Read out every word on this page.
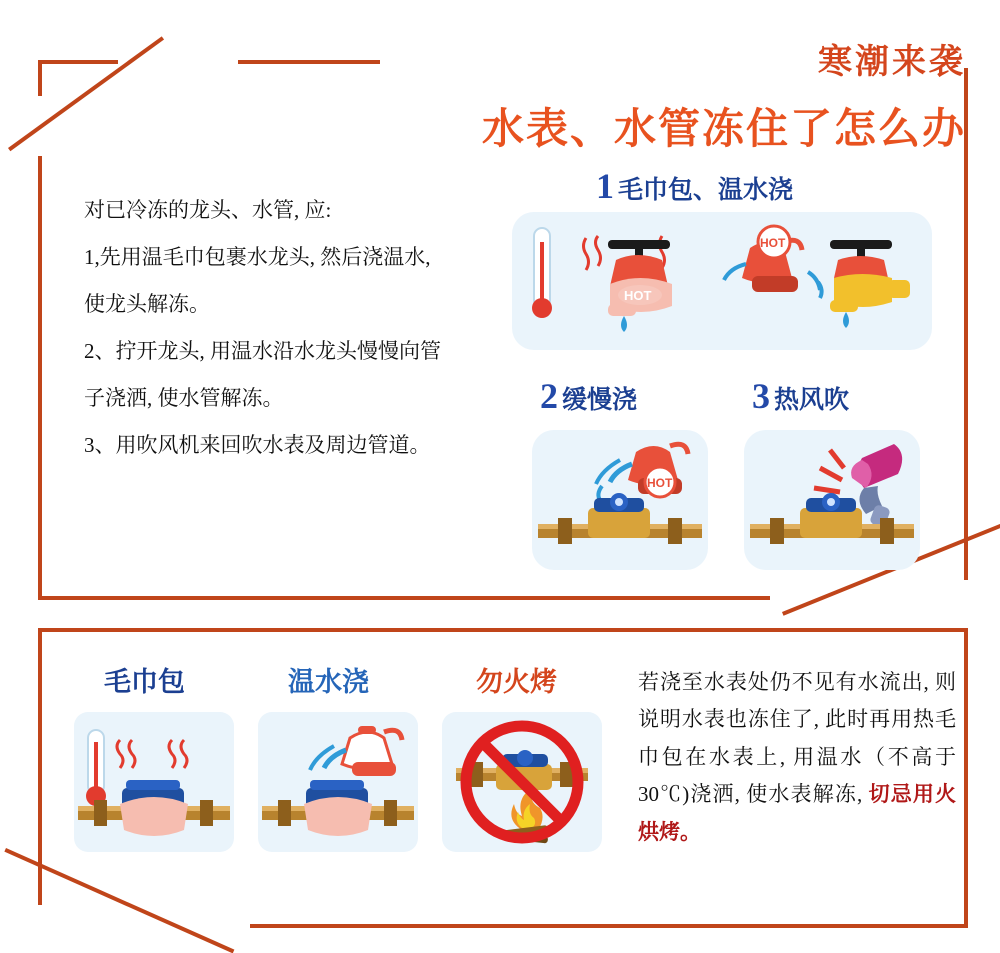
寒潮来袭
水表、水管冻住了怎么办

对已冷冻的龙头、水管, 应:

1,先用温毛巾包裹水龙头, 然后浇温水,

使龙头解冻。

2、拧开龙头, 用温水沿水龙头慢慢向管

子浇洒, 使水管解冻。

3、用吹风机来回吹水表及周边管道。

1 毛巾包、温水浇
HOT
HOT
2 缓慢浇	3 热风吹
HOT
毛巾包	温水浇	勿火烤	若浇至水表处仍不见有水流出, 则说明水表也冻住了, 此时再用热毛巾包在水表上, 用温水（不高于30℃)浇洒, 使水表解冻, 切忌用火烘烤。
